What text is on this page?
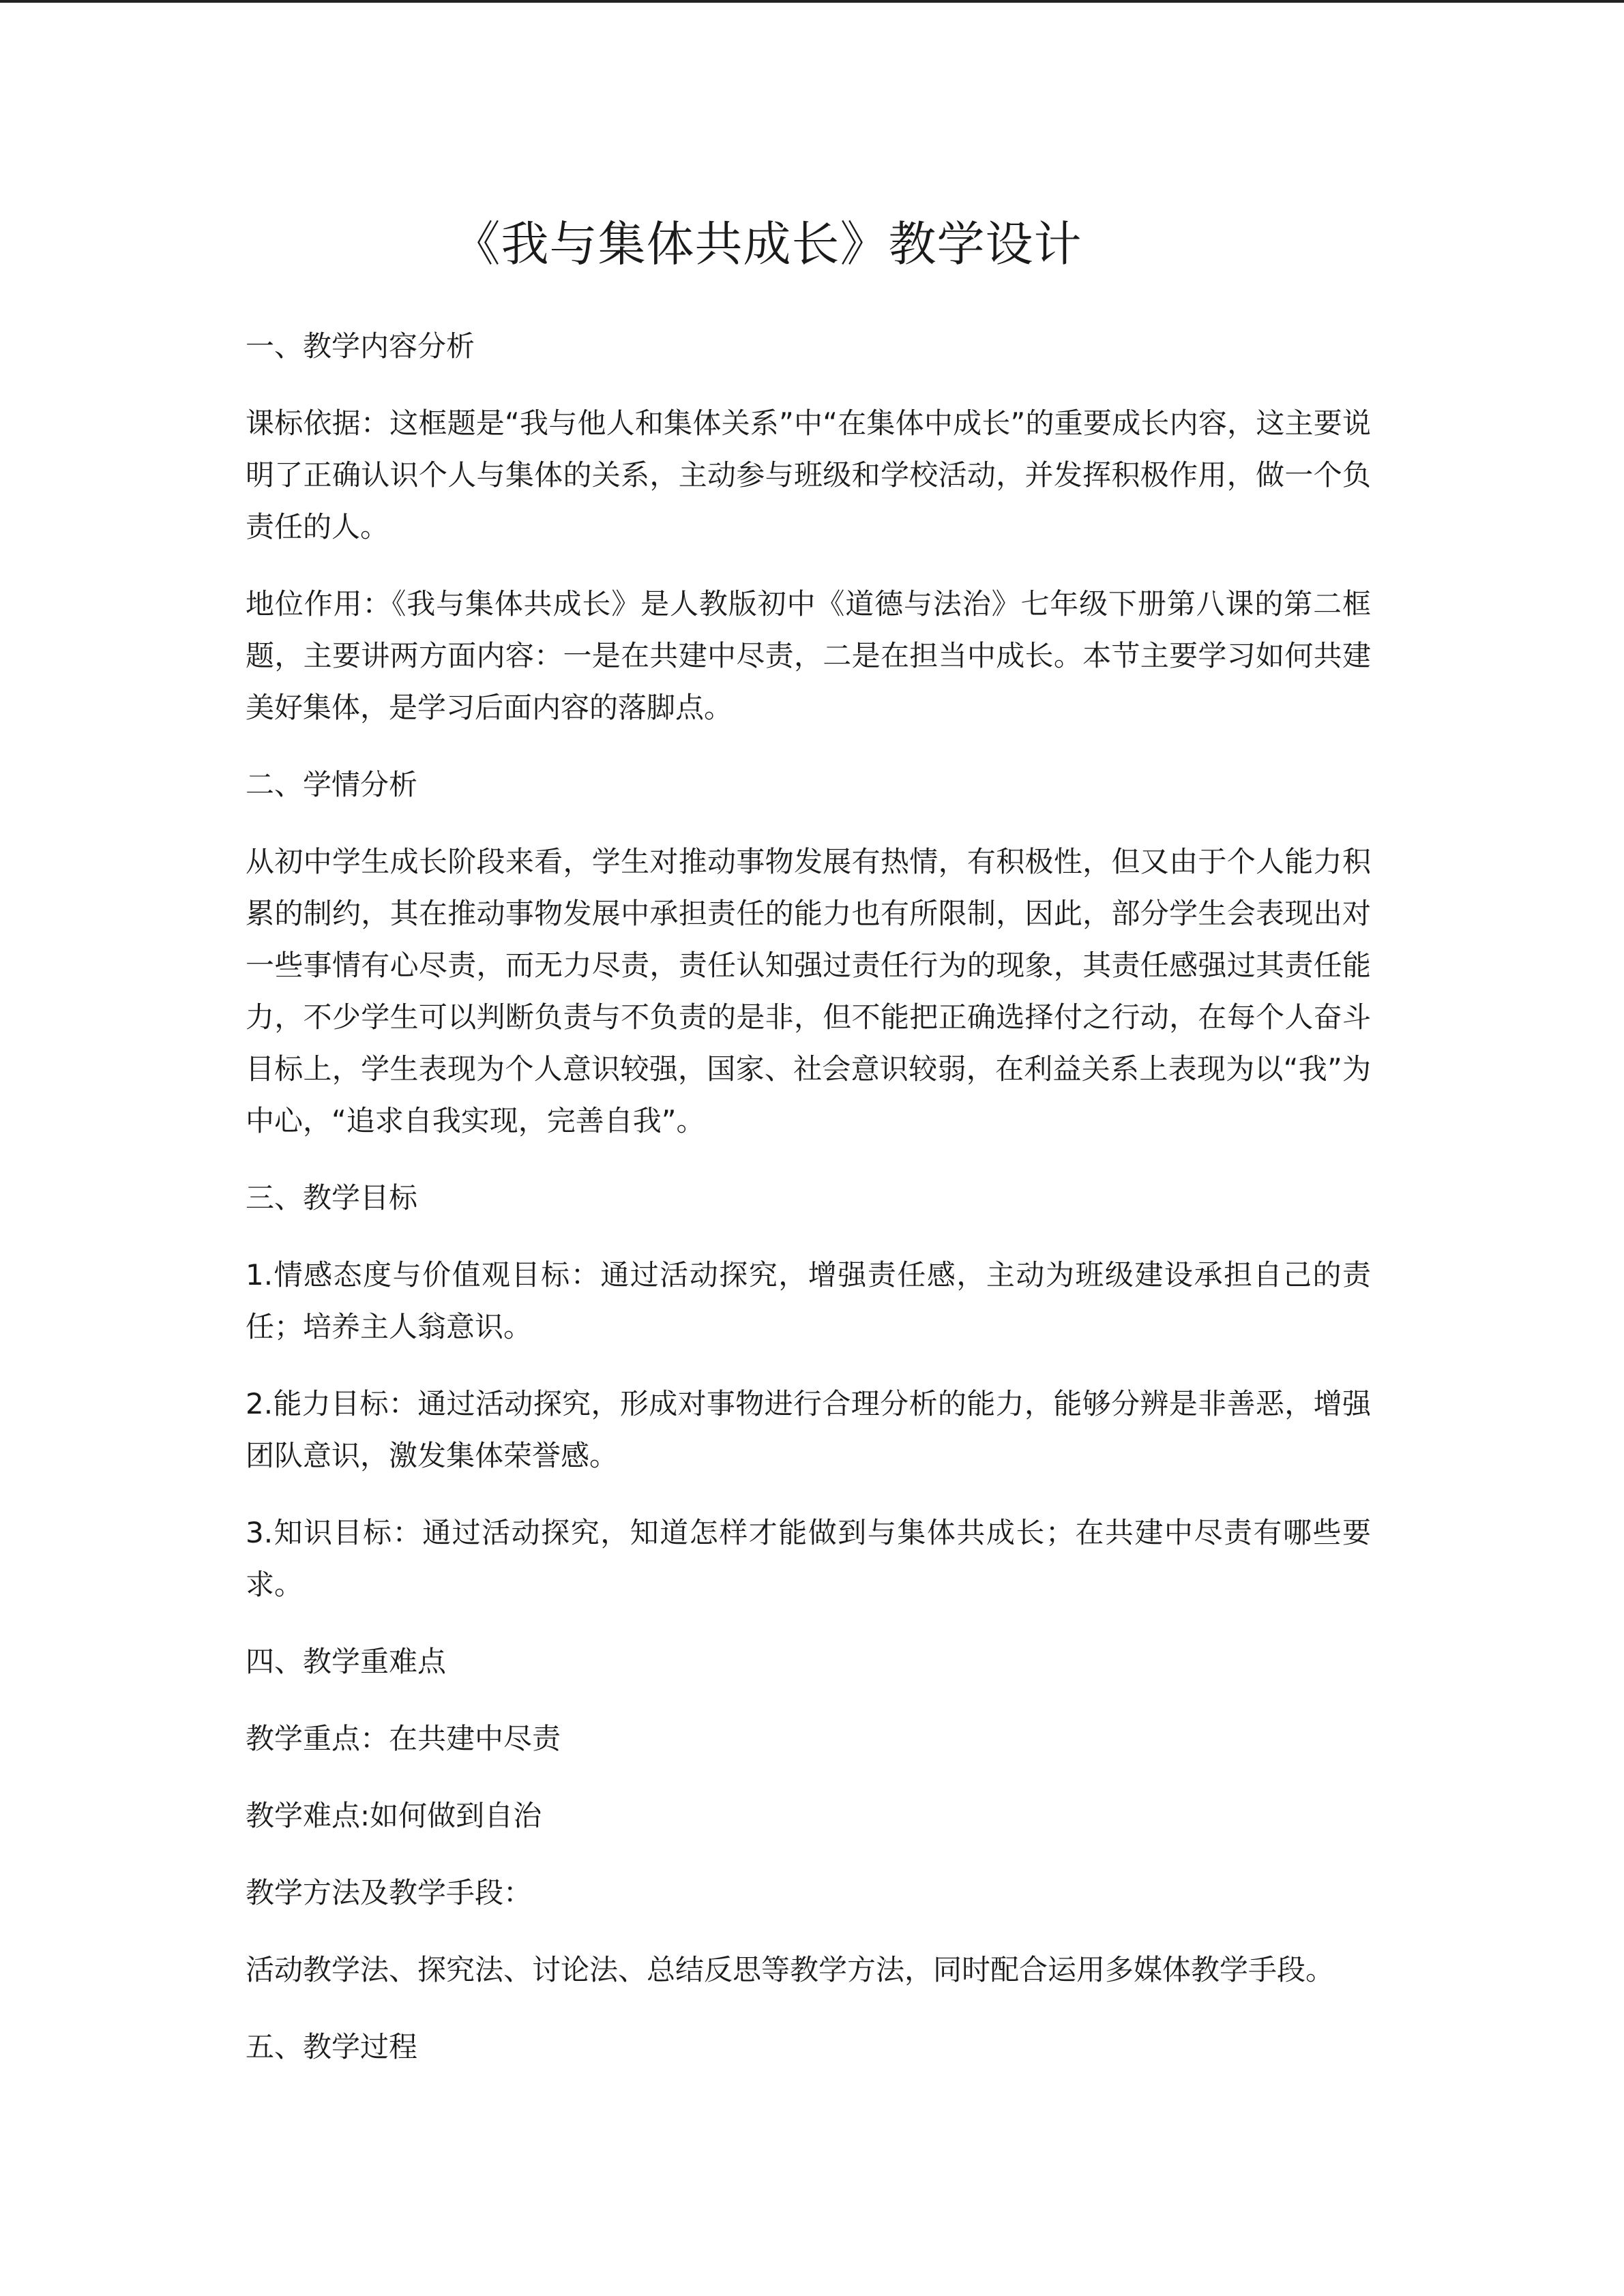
《我与集体共成长》教学设计

一、教学内容分析

课标依据：这框题是“我与他人和集体关系”中“在集体中成长”的重要成长内容，这主要说明了正确认识个人与集体的关系，主动参与班级和学校活动，并发挥积极作用，做一个负责任的人。

地位作用：《我与集体共成长》是人教版初中《道德与法治》七年级下册第八课的第二框题，主要讲两方面内容：一是在共建中尽责，二是在担当中成长。本节主要学习如何共建美好集体，是学习后面内容的落脚点。

二、学情分析

从初中学生成长阶段来看，学生对推动事物发展有热情，有积极性，但又由于个人能力积累的制约，其在推动事物发展中承担责任的能力也有所限制，因此，部分学生会表现出对一些事情有心尽责，而无力尽责，责任认知强过责任行为的现象，其责任感强过其责任能力，不少学生可以判断负责与不负责的是非，但不能把正确选择付之行动，在每个人奋斗目标上，学生表现为个人意识较强，国家、社会意识较弱，在利益关系上表现为以“我”为中心，“追求自我实现，完善自我”。

三、教学目标

1.情感态度与价值观目标：通过活动探究，增强责任感，主动为班级建设承担自己的责任；培养主人翁意识。

2.能力目标：通过活动探究，形成对事物进行合理分析的能力，能够分辨是非善恶，增强团队意识，激发集体荣誉感。

3.知识目标：通过活动探究，知道怎样才能做到与集体共成长；在共建中尽责有哪些要求。

四、教学重难点

教学重点：在共建中尽责

教学难点:如何做到自治

教学方法及教学手段：

活动教学法、探究法、讨论法、总结反思等教学方法，同时配合运用多媒体教学手段。

五、教学过程
